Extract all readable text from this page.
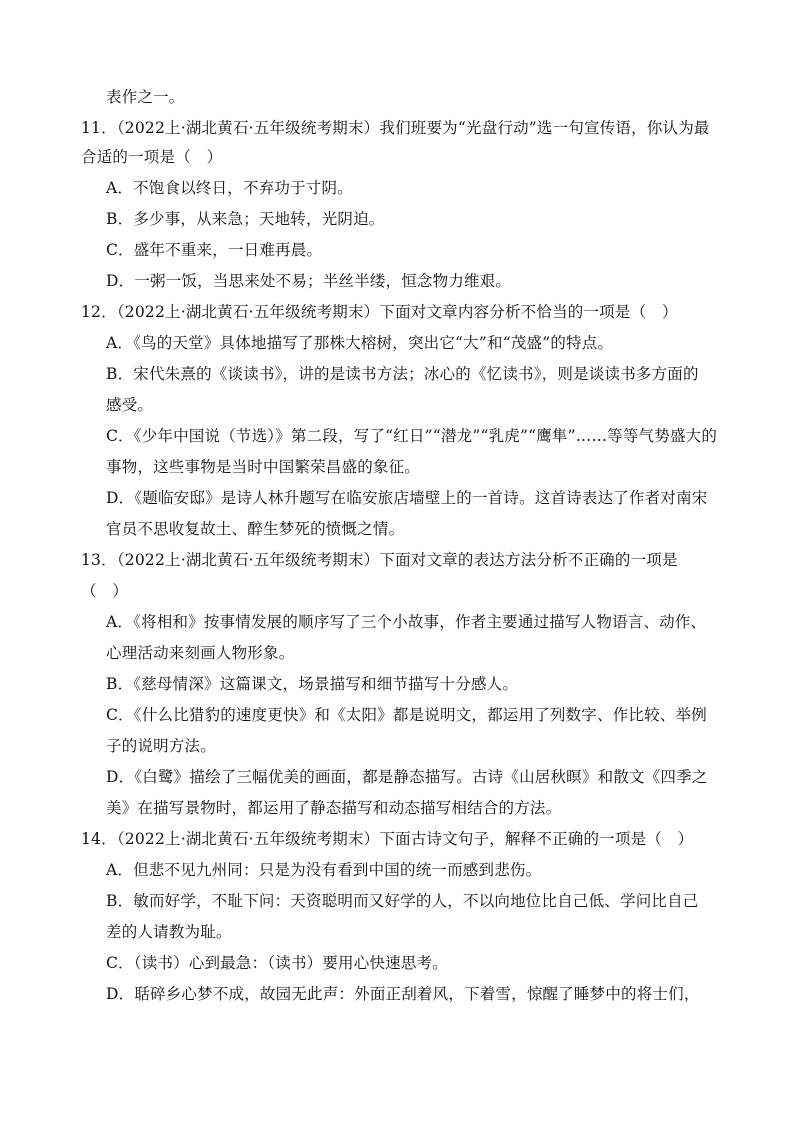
表作之一。
11．（2022上·湖北黄石·五年级统考期末）我们班要为“光盘行动”选一句宣传语，你认为最
合适的一项是（　）
A．不饱食以终日，不弃功于寸阴。
B．多少事，从来急；天地转，光阴迫。
C．盛年不重来，一日难再晨。
D．一粥一饭，当思来处不易；半丝半缕，恒念物力维艰。
12．（2022上·湖北黄石·五年级统考期末）下面对文章内容分析不恰当的一项是（　）
A．《鸟的天堂》具体地描写了那株大榕树，突出它“大”和“茂盛”的特点。
B．宋代朱熹的《谈读书》，讲的是读书方法；冰心的《忆读书》，则是谈读书多方面的
感受。
C．《少年中国说（节选）》第二段，写了“红日”“潜龙”“乳虎”“鹰隼”……等等气势盛大的
事物，这些事物是当时中国繁荣昌盛的象征。
D．《题临安邸》是诗人林升题写在临安旅店墙壁上的一首诗。这首诗表达了作者对南宋
官员不思收复故土、醉生梦死的愤慨之情。
13．（2022上·湖北黄石·五年级统考期末）下面对文章的表达方法分析不正确的一项是
（　）
A．《将相和》按事情发展的顺序写了三个小故事，作者主要通过描写人物语言、动作、
心理活动来刻画人物形象。
B．《慈母情深》这篇课文，场景描写和细节描写十分感人。
C．《什么比猎豹的速度更快》和《太阳》都是说明文，都运用了列数字、作比较、举例
子的说明方法。
D．《白鹭》描绘了三幅优美的画面，都是静态描写。古诗《山居秋暝》和散文《四季之
美》在描写景物时，都运用了静态描写和动态描写相结合的方法。
14．（2022上·湖北黄石·五年级统考期末）下面古诗文句子，解释不正确的一项是（　）
A．但悲不见九州同：只是为没有看到中国的统一而感到悲伤。
B．敏而好学，不耻下问：天资聪明而又好学的人，不以向地位比自己低、学问比自己
差的人请教为耻。
C．（读书）心到最急：（读书）要用心快速思考。
D．聒碎乡心梦不成，故园无此声：外面正刮着风，下着雪，惊醒了睡梦中的将士们，
